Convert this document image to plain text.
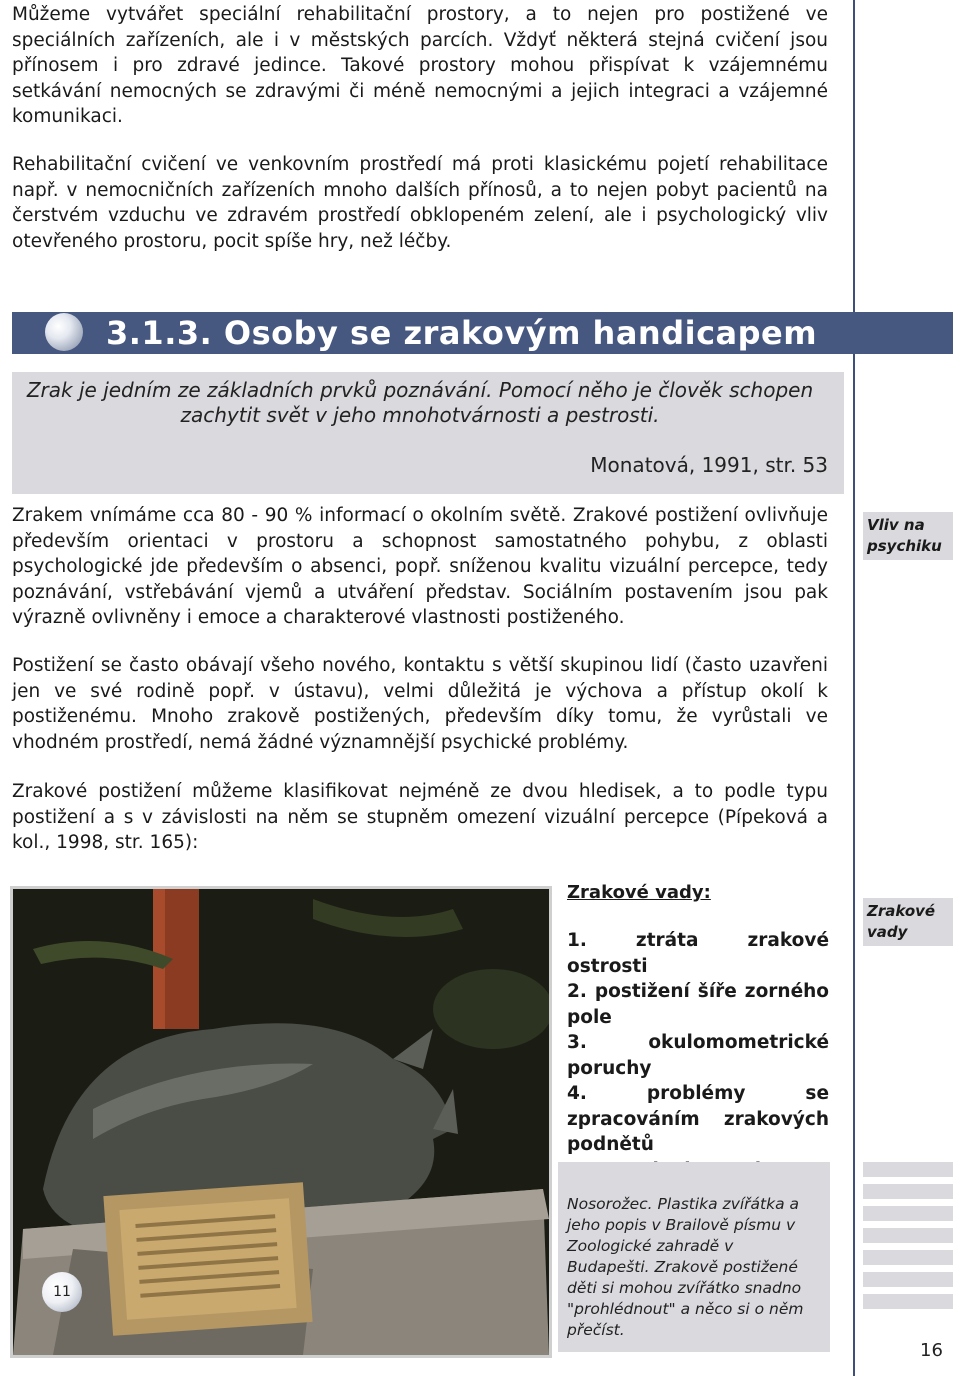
Můžeme vytvářet speciální rehabilitační prostory, a to nejen pro postižené ve speciálních zařízeních, ale i v městských parcích. Vždyť některá stejná cvičení jsou přínosem i pro zdravé jedince. Takové prostory mohou přispívat k vzájemnému setkávání nemocných se zdravými či méně nemocnými a jejich integraci a vzájemné komunikaci.

Rehabilitační cvičení ve venkovním prostředí má proti klasickému pojetí rehabilitace např. v nemocničních zařízeních mnoho dalších přínosů, a to nejen pobyt pacientů na čerstvém vzduchu ve zdravém prostředí obklopeném zelení, ale i psychologický vliv otevřeného prostoru, pocit spíše hry, než léčby.

3.1.3. Osoby se zrakovým handicapem
Zrak je jedním ze základních prvků poznávání. Pomocí něho je člověk schopen zachytit svět v jeho mnohotvárnosti a pestrosti.
Monatová, 1991, str. 53

Zrakem vnímáme cca 80 - 90 % informací o okolním světě. Zrakové postižení ovlivňuje především orientaci v prostoru a schopnost samostatného pohybu, z oblasti psychologické jde především o absenci, popř. sníženou kvalitu vizuální percepce, tedy poznávání, vstřebávání vjemů a utváření představ. Sociálním postavením jsou pak výrazně ovlivněny i emoce a charakterové vlastnosti postiženého.

Vliv na psychiku

Postižení se často obávají všeho nového, kontaktu s větší skupinou lidí (často uzavřeni jen ve své rodině popř. v ústavu), velmi důležitá je výchova a přístup okolí k postiženému. Mnoho zrakově postižených, především díky tomu, že vyrůstali ve vhodném prostředí, nemá žádné významnější psychické problémy.

Zrakové postižení můžeme klasifikovat nejméně ze dvou hledisek, a to podle typu postižení a s v závislosti na něm se stupněm omezení vizuální percepce (Pípeková a kol., 1998, str. 165):

11
Zrakové vady:
1. ztráta zrakové ostrosti
2. postižení šíře zorného pole
3. okulomometrické poruchy
4. problémy se zpracováním zrakových podnětů
Zrakové vady
Nosorožec. Plastika zvířátka a jeho popis v Brailově písmu v Zoologické zahradě v Budapešti. Zrakově postižené děti si mohou zvířátko snadno "prohlédnout" a něco si o něm přečíst.
16
